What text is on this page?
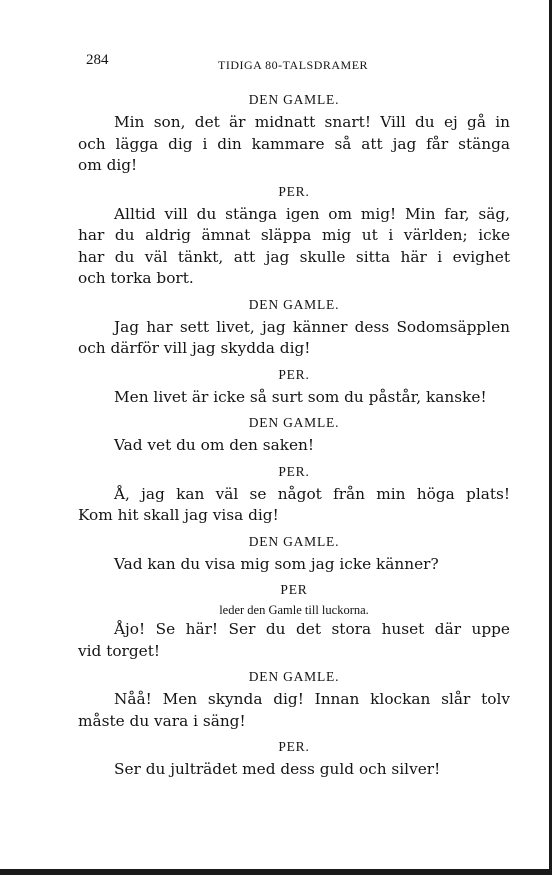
284	TIDIGA 80-TALSDRAMER
DEN GAMLE.
Min son, det är midnatt snart! Vill du ej gå in
och lägga dig i din kammare så att jag får stänga
om dig!
PER.
Alltid vill du stänga igen om mig! Min far, säg,
har du aldrig ämnat släppa mig ut i världen; icke
har du väl tänkt, att jag skulle sitta här i evighet
och torka bort.
DEN GAMLE.
Jag har sett livet, jag känner dess Sodomsäpplen
och därför vill jag skydda dig!
PER.
Men livet är icke så surt som du påstår, kanske!
DEN GAMLE.
Vad vet du om den saken!
PER.
Å, jag kan väl se något från min höga plats!
Kom hit skall jag visa dig!
DEN GAMLE.
Vad kan du visa mig som jag icke känner?
PER
leder den Gamle till luckorna.
Åjo! Se här! Ser du det stora huset där uppe
vid torget!
DEN GAMLE.
Nåå! Men skynda dig! Innan klockan slår tolv
måste du vara i säng!
PER.
Ser du julträdet med dess guld och silver!
